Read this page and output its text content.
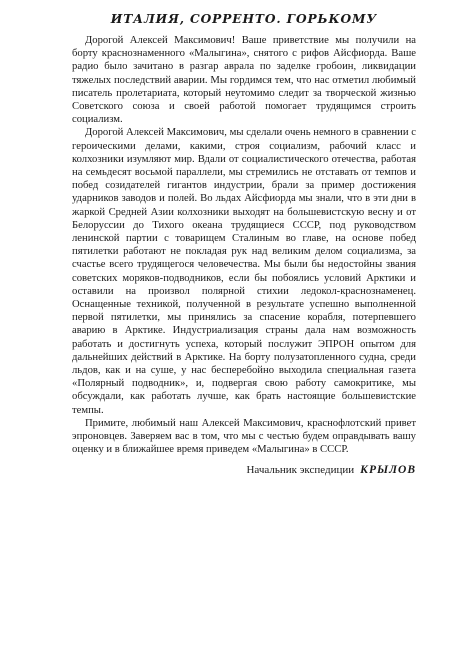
ИТАЛИЯ, СОРРЕНТО. ГОРЬКОМУ

Дорогой Алексей Максимович! Ваше приветствие мы получили на борту краснознаменного «Малыгина», снятого с рифов Айсфиорда. Ваше радио было зачитано в разгар аврала по заделке гробоин, ликвидации тяжелых последствий аварии. Мы гордимся тем, что нас отметил любимый писатель пролетариата, который неутомимо следит за творческой жизнью Советского союза и своей работой помогает трудящимся строить социализм.

Дорогой Алексей Максимович, мы сделали очень немного в сравнении с героическими делами, какими, строя социализм, рабочий класс и колхозники изумляют мир. Вдали от социалистического отечества, работая на семьдесят восьмой параллели, мы стремились не отставать от темпов и побед созидателей гигантов индустрии, брали за пример достижения ударников заводов и полей. Во льдах Айсфиорда мы знали, что в эти дни в жаркой Средней Азии колхозники выходят на большевистскую весну и от Белоруссии до Тихого океана трудящиеся СССР, под руководством ленинской партии с товарищем Сталиным во главе, на основе побед пятилетки работают не покладая рук над великим делом социализма, за счастье всего трудящегося человечества. Мы были бы недостойны звания советских моряков-подводников, если бы побоялись условий Арктики и оставили на произвол полярной стихии ледокол-краснознаменец. Оснащенные техникой, полученной в результате успешно выполненной первой пятилетки, мы принялись за спасение корабля, потерпевшего аварию в Арктике. Индустриализация страны дала нам возможность работать и достигнуть успеха, который послужит ЭПРОН опытом для дальнейших действий в Арктике. На борту полузатопленного судна, среди льдов, как и на суше, у нас бесперебойно выходила специальная газета «Полярный подводник», и, подвергая свою работу самокритике, мы обсуждали, как работать лучше, как брать настоящие большевистские темпы.

Примите, любимый наш Алексей Максимович, краснофлотский привет эпроновцев. Заверяем вас в том, что мы с честью будем оправдывать вашу оценку и в ближайшее время приведем «Малыгина» в СССР.

Начальник экспедиции КРЫЛОВ
